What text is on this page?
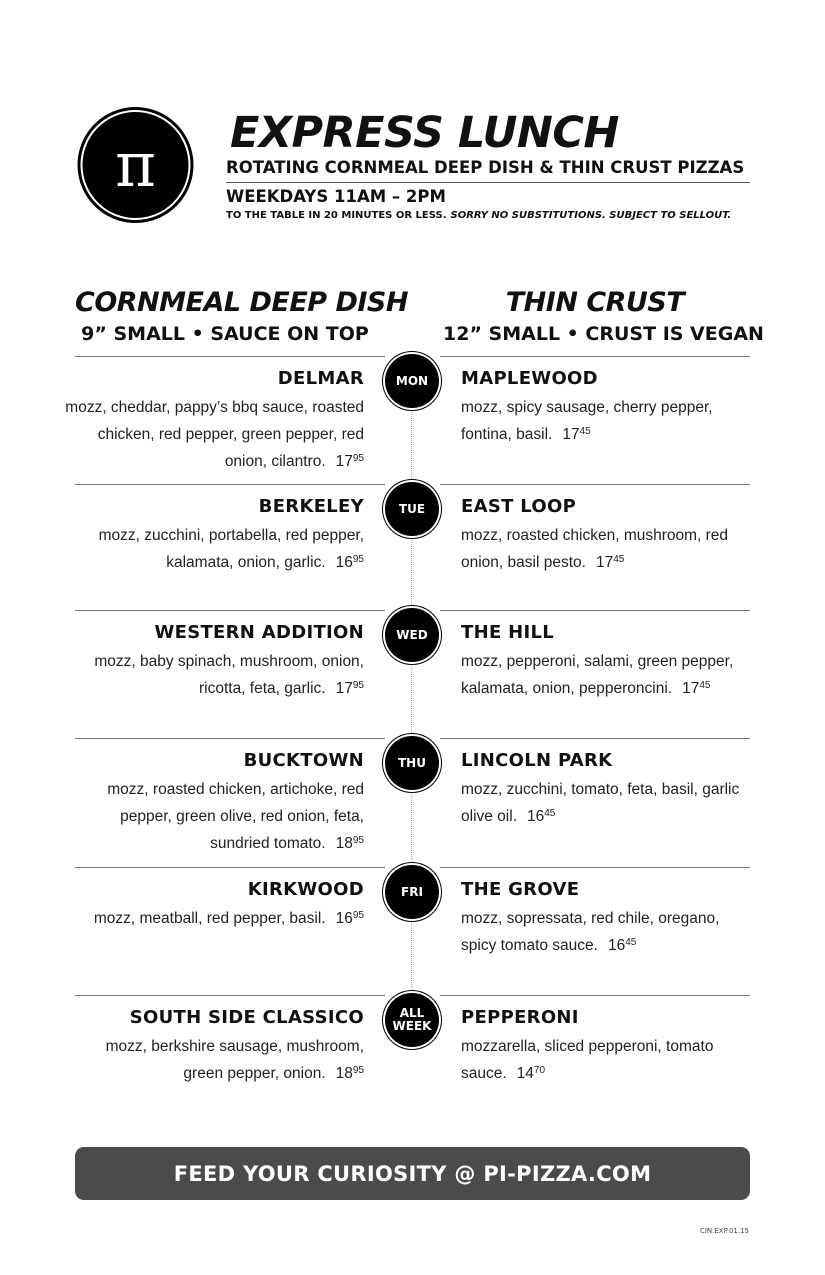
π EXPRESS LUNCH
ROTATING CORNMEAL DEEP DISH & THIN CRUST PIZZAS
WEEKDAYS 11AM – 2PM
TO THE TABLE IN 20 MINUTES OR LESS. SORRY NO SUBSTITUTIONS. SUBJECT TO SELLOUT.
CORNMEAL DEEP DISH
9” SMALL • SAUCE ON TOP
THIN CRUST
12” SMALL • CRUST IS VEGAN
MON
DELMAR
mozz, cheddar, pappy’s bbq sauce, roasted chicken, red pepper, green pepper, red onion, cilantro. $17^{95}$
MAPLEWOOD
mozz, spicy sausage, cherry pepper, fontina, basil. $17^{45}$
TUE
BERKELEY
mozz, zucchini, portabella, red pepper, kalamata, onion, garlic. $16^{95}$
EAST LOOP
mozz, roasted chicken, mushroom, red onion, basil pesto. $17^{45}$
WED
WESTERN ADDITION
mozz, baby spinach, mushroom, onion, ricotta, feta, garlic. $17^{95}$
THE HILL
mozz, pepperoni, salami, green pepper, kalamata, onion, pepperoncini. $17^{45}$
THU
BUCKTOWN
mozz, roasted chicken, artichoke, red pepper, green olive, red onion, feta, sundried tomato. $18^{95}$
LINCOLN PARK
mozz, zucchini, tomato, feta, basil, garlic olive oil. $16^{45}$
FRI
KIRKWOOD
mozz, meatball, red pepper, basil. $16^{95}$
THE GROVE
mozz, sopressata, red chile, oregano, spicy tomato sauce. $16^{45}$
ALL
WEEK
SOUTH SIDE CLASSICO
mozz, berkshire sausage, mushroom, green pepper, onion. $18^{95}$
PEPPERONI
mozzarella, sliced pepperoni, tomato sauce. $14^{70}$
FEED YOUR CURIOSITY @ PI-PIZZA.COM
CIN.EXP.01.15
